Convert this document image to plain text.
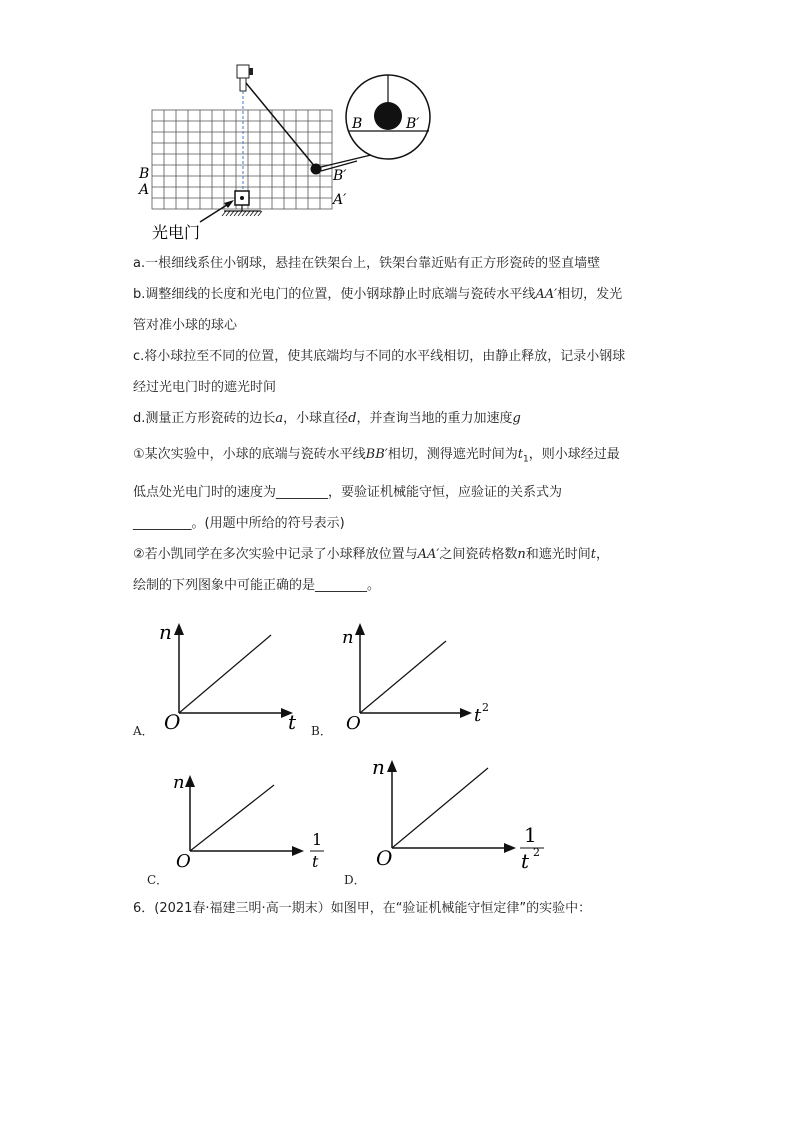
B	B′
B
A
B′
A′
光电门
a.一根细线系住小钢球，悬挂在铁架台上，铁架台靠近贴有正方形瓷砖的竖直墙壁
b.调整细线的长度和光电门的位置，使小钢球静止时底端与瓷砖水平线AA′相切，发光
管对准小球的球心
c.将小球拉至不同的位置，使其底端均与不同的水平线相切，由静止释放，记录小钢球
经过光电门时的遮光时间
d.测量正方形瓷砖的边长a，小球直径d，并查询当地的重力加速度g
①某次实验中，小球的底端与瓷砖水平线BB′相切，测得遮光时间为$t_1$，则小球经过最
低点处光电门时的速度为________，要验证机械能守恒，应验证的关系式为
_________。(用题中所给的符号表示)
②若小凯同学在多次实验中记录了小球释放位置与AA′之间瓷砖格数n和遮光时间t，
绘制的下列图象中可能正确的是________。
A．
n
O	t B．
n
O	t 2
C．
n
O
1
t
D．
n
O
1
t 2
6．(2021春·福建三明·高一期末）如图甲，在“验证机械能守恒定律”的实验中：
